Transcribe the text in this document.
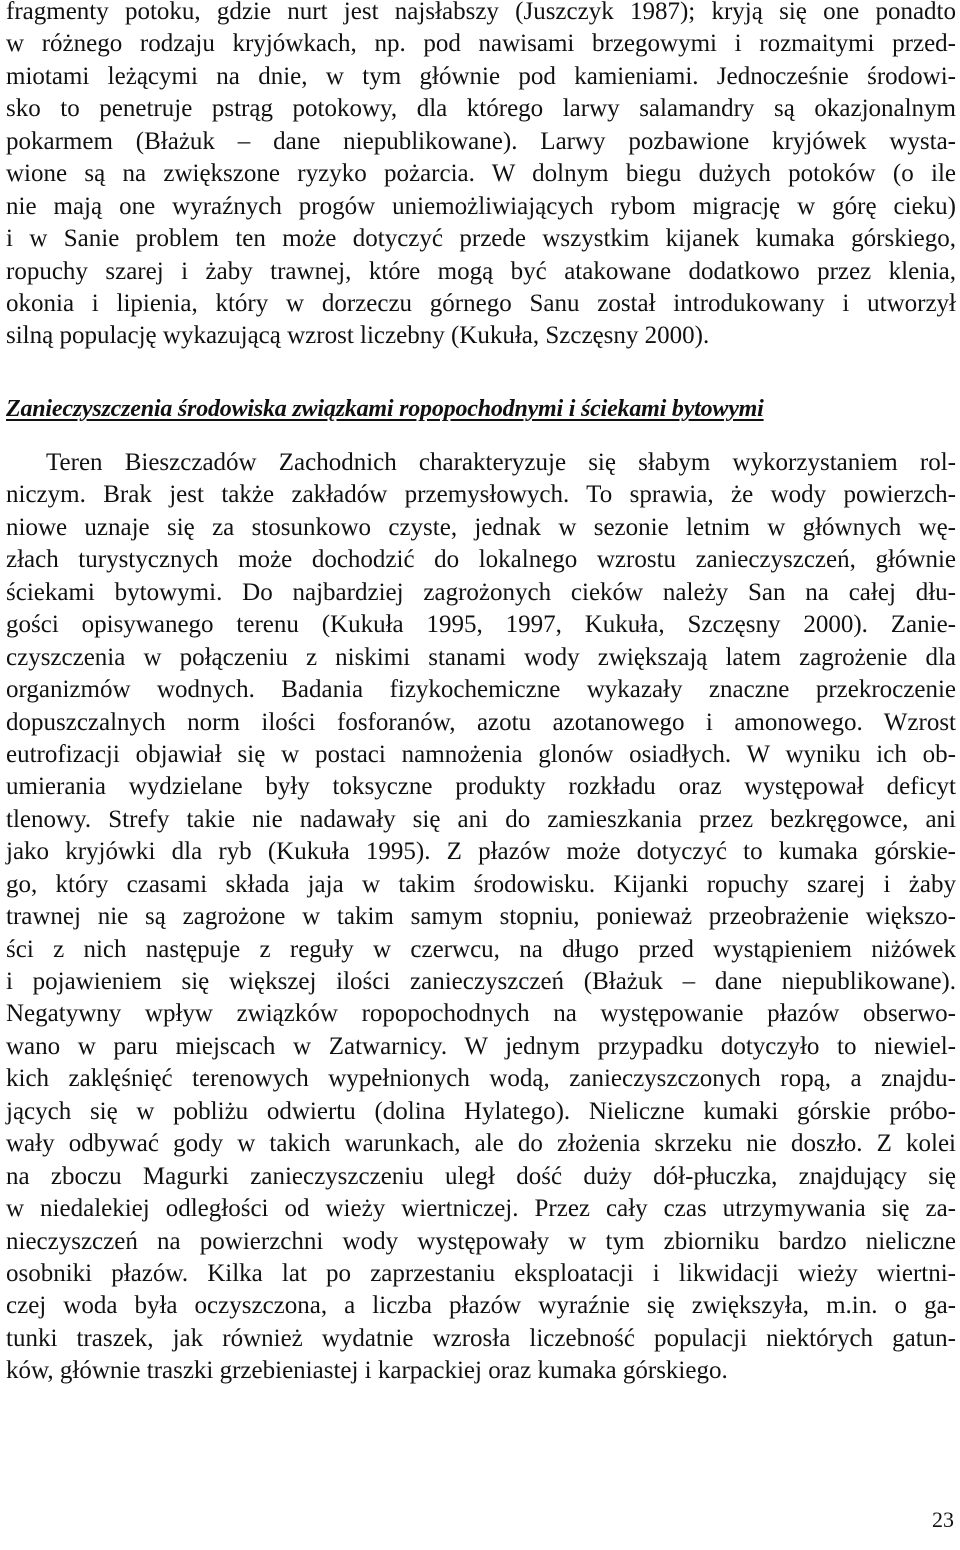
fragmenty potoku, gdzie nurt jest najsłabszy (Juszczyk 1987); kryją się one ponadto
w różnego rodzaju kryjówkach, np. pod nawisami brzegowymi i rozmaitymi przed-
miotami leżącymi na dnie, w tym głównie pod kamieniami. Jednocześnie środowi-
sko to penetruje pstrąg potokowy, dla którego larwy salamandry są okazjonalnym
pokarmem (Błażuk – dane niepublikowane). Larwy pozbawione kryjówek wysta-
wione są na zwiększone ryzyko pożarcia. W dolnym biegu dużych potoków (o ile
nie mają one wyraźnych progów uniemożliwiających rybom migrację w górę cieku)
i w Sanie problem ten może dotyczyć przede wszystkim kijanek kumaka górskiego,
ropuchy szarej i żaby trawnej, które mogą być atakowane dodatkowo przez klenia,
okonia i lipienia, który w dorzeczu górnego Sanu został introdukowany i utworzył
silną populację wykazującą wzrost liczebny (Kukuła, Szczęsny 2000).
Zanieczyszczenia środowiska związkami ropopochodnymi i ściekami bytowymi
Teren Bieszczadów Zachodnich charakteryzuje się słabym wykorzystaniem rol-
niczym. Brak jest także zakładów przemysłowych. To sprawia, że wody powierzch-
niowe uznaje się za stosunkowo czyste, jednak w sezonie letnim w głównych wę-
złach turystycznych może dochodzić do lokalnego wzrostu zanieczyszczeń, głównie
ściekami bytowymi. Do najbardziej zagrożonych cieków należy San na całej dłu-
gości opisywanego terenu (Kukuła 1995, 1997, Kukuła, Szczęsny 2000). Zanie-
czyszczenia w połączeniu z niskimi stanami wody zwiększają latem zagrożenie dla
organizmów wodnych. Badania fizykochemiczne wykazały znaczne przekroczenie
dopuszczalnych norm ilości fosforanów, azotu azotanowego i amonowego. Wzrost
eutrofizacji objawiał się w postaci namnożenia glonów osiadłych. W wyniku ich ob-
umierania wydzielane były toksyczne produkty rozkładu oraz występował deficyt
tlenowy. Strefy takie nie nadawały się ani do zamieszkania przez bezkręgowce, ani
jako kryjówki dla ryb (Kukuła 1995). Z płazów może dotyczyć to kumaka górskie-
go, który czasami składa jaja w takim środowisku. Kijanki ropuchy szarej i żaby
trawnej nie są zagrożone w takim samym stopniu, ponieważ przeobrażenie większo-
ści z nich następuje z reguły w czerwcu, na długo przed wystąpieniem niżówek
i pojawieniem się większej ilości zanieczyszczeń (Błażuk – dane niepublikowane).
Negatywny wpływ związków ropopochodnych na występowanie płazów obserwo-
wano w paru miejscach w Zatwarnicy. W jednym przypadku dotyczyło to niewiel-
kich zaklęśnięć terenowych wypełnionych wodą, zanieczyszczonych ropą, a znajdu-
jących się w pobliżu odwiertu (dolina Hylatego). Nieliczne kumaki górskie próbo-
wały odbywać gody w takich warunkach, ale do złożenia skrzeku nie doszło. Z kolei
na zboczu Magurki zanieczyszczeniu uległ dość duży dół-płuczka, znajdujący się
w niedalekiej odległości od wieży wiertniczej. Przez cały czas utrzymywania się za-
nieczyszczeń na powierzchni wody występowały w tym zbiorniku bardzo nieliczne
osobniki płazów. Kilka lat po zaprzestaniu eksploatacji i likwidacji wieży wiertni-
czej woda była oczyszczona, a liczba płazów wyraźnie się zwiększyła, m.in. o ga-
tunki traszek, jak również wydatnie wzrosła liczebność populacji niektórych gatun-
ków, głównie traszki grzebieniastej i karpackiej oraz kumaka górskiego.
23
